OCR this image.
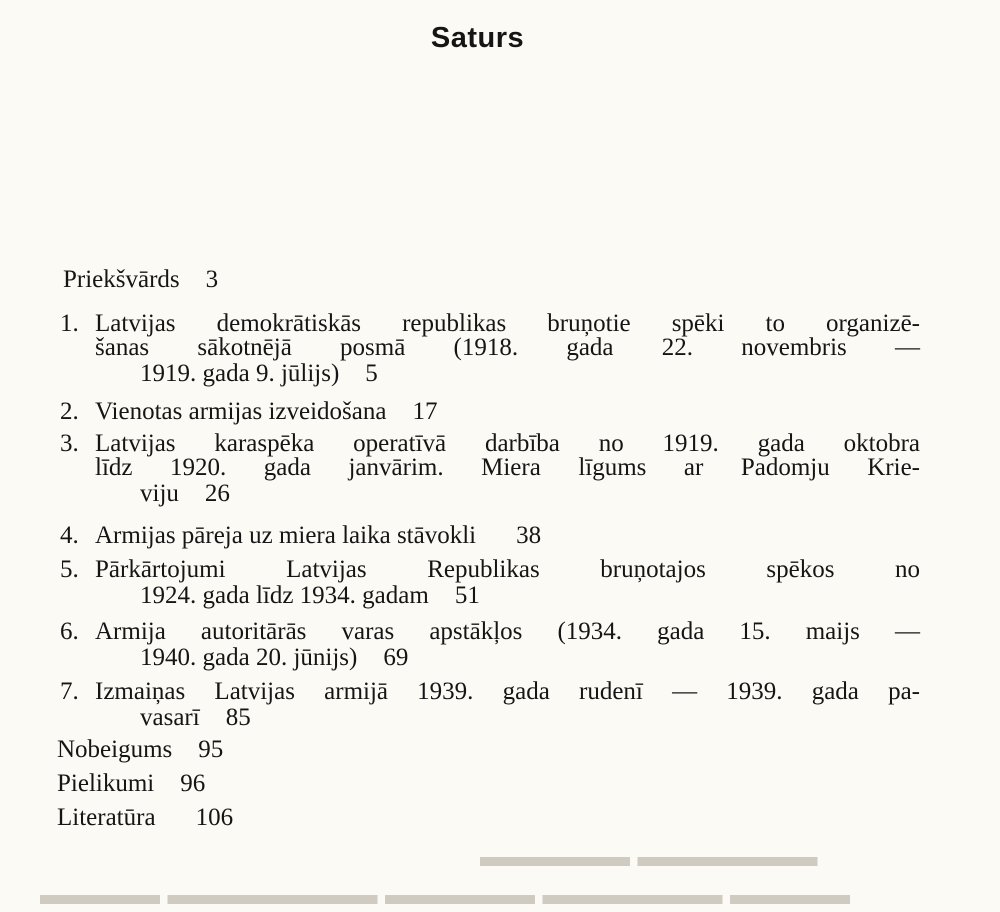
▬▬▬▬▬ ▬▬▬▬▬▬
▬▬▬▬ ▬▬▬▬▬▬▬ ▬▬▬▬▬ ▬▬▬▬▬▬ ▬▬▬▬
Saturs
Priekšvārds 3
1. Latvijas demokrātiskās republikas bruņotie spēki to organizē-
šanas sākotnējā posmā (1918. gada 22. novembris —
1919. gada 9. jūlijs) 5
2. Vienotas armijas izveidošana 17
3. Latvijas karaspēka operatīvā darbība no 1919. gada oktobra
līdz 1920. gada janvārim. Miera līgums ar Padomju Krie-
viju 26
4. Armijas pāreja uz miera laika stāvokli 38
5. Pārkārtojumi Latvijas Republikas bruņotajos spēkos no
1924. gada līdz 1934. gadam 51
6. Armija autoritārās varas apstākļos (1934. gada 15. maijs —
1940. gada 20. jūnijs) 69
7. Izmaiņas Latvijas armijā 1939. gada rudenī — 1939. gada pa-
vasarī 85
Nobeigums 95
Pielikumi 96
Literatūra 106
